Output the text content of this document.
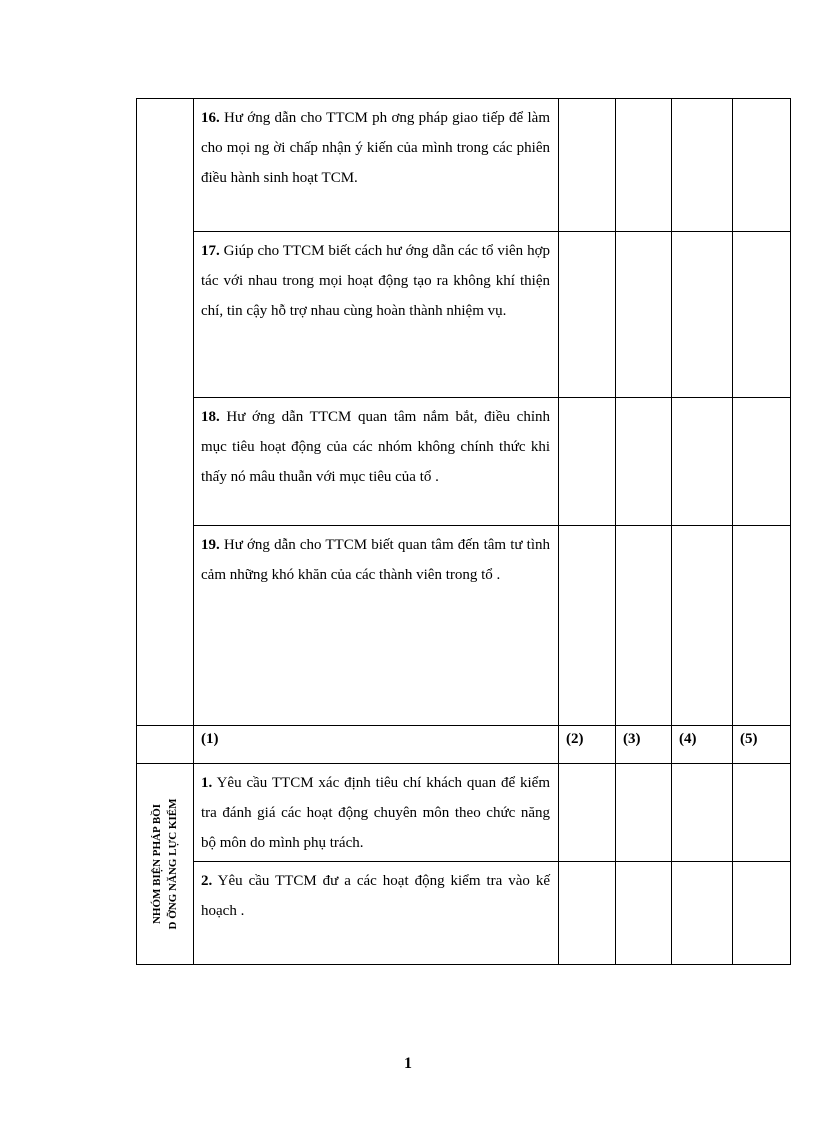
	16. Hư ớng dẫn cho TTCM ph ơng pháp giao tiếp để làm cho mọi ng ời chấp nhận ý kiến của mình trong các phiên điều hành sinh hoạt TCM.				

	17. Giúp cho TTCM biết cách hư ớng dẫn các tổ viên hợp tác với nhau trong mọi hoạt động tạo ra không khí thiện chí, tin cậy hỗ trợ nhau cùng hoàn thành nhiệm vụ.				

	18. Hư ớng dẫn TTCM quan tâm nắm bắt, điều chỉnh mục tiêu hoạt động của các nhóm không chính thức khi thấy nó mâu thuẫn với mục tiêu của tổ .				

	19. Hư ớng dẫn cho TTCM biết quan tâm đến tâm tư tình cảm những khó khăn của các thành viên trong tổ .				

	(1)	(2)	(3)	(4)	(5)

NHÓM BIỆN PHÁP BỒI D ỠNG NĂNG LỰC KIỂM	1. Yêu cầu TTCM xác định tiêu chí khách quan để kiểm tra đánh giá các hoạt động chuyên môn theo chức năng bộ môn do mình phụ trách.				

	2. Yêu cầu TTCM đư a các hoạt động kiểm tra vào kế hoạch .				

1
